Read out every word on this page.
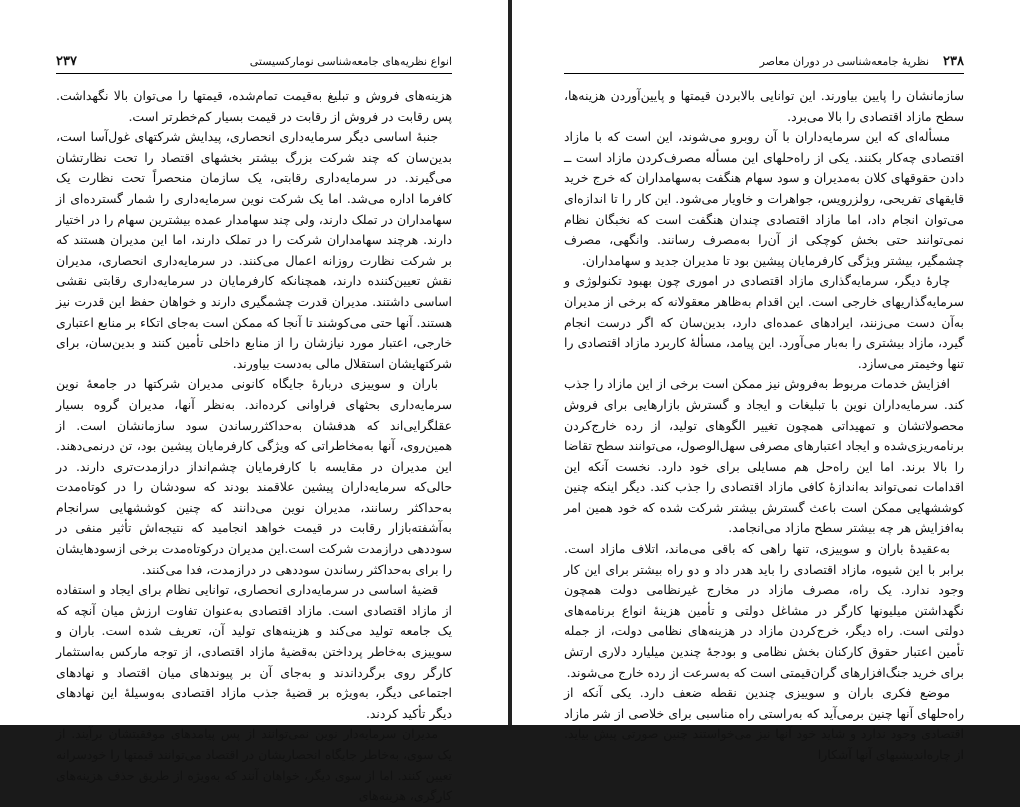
انواع نظریه‌های جامعه‌شناسی نومارکسیستی
۲۳۷

هزینه‌های فروش و تبلیغ به‌قیمت تمام‌شده، قیمتها را می‌توان بالا نگهداشت. پس رقابت در فروش از رقابت در قیمت بسیار کم‌خطرتر است.

جنبهٔ اساسی دیگر سرمایه‌داری انحصاری، پیدایش شرکتهای غول‌آسا است، بدین‌سان که چند شرکت بزرگ بیشتر بخشهای اقتصاد را تحت نظارتشان می‌گیرند. در سرمایه‌داری رقابتی، یک سازمان منحصراً تحت نظارت یک کافرما اداره می‌شد. اما یک شرکت نوین سرمایه‌داری را شمار گسترده‌ای از سهامداران در تملک دارند، ولی چند سهامدار عمده بیشترین سهام را در اختیار دارند. هرچند سهامداران شرکت را در تملک دارند، اما این مدیران هستند که بر شرکت نظارت روزانه اعمال می‌کنند. در سرمایه‌داری انحصاری، مدیران نقش تعیین‌کننده دارند، همچنانکه کارفرمایان در سرمایه‌داری رقابتی نقشی اساسی داشتند. مدیران قدرت چشمگیری دارند و خواهان حفظ این قدرت نیز هستند. آنها حتی می‌کوشند تا آنجا که ممکن است به‌جای اتکاء بر منابع اعتباری خارجی، اعتبار مورد نیازشان را از منابع داخلی تأمین کنند و بدین‌سان، برای شرکتهایشان استقلال مالی به‌دست بیاورند.

باران و سوییزی دربارهٔ جایگاه کانونی مدیران شرکتها در جامعهٔ نوین سرمایه‌داری بحثهای فراوانی کرده‌اند. به‌نظر آنها، مدیران گروه بسیار عقلگرایی‌اند که هدفشان به‌حداکثررساندن سود سازمانشان است. از همین‌روی، آنها به‌مخاطراتی که ویژگی کارفرمایان پیشین بود، تن درنمی‌دهند. این مدیران در مقایسه با کارفرمایان چشم‌انداز درازمدت‌تری دارند. در حالی‌که سرمایه‌داران پیشین علاقمند بودند که سودشان را در کوتاه‌مدت به‌حداکثر رسانند، مدیران نوین می‌دانند که چنین کوششهایی سرانجام به‌آشفته‌بازار رقابت در قیمت خواهد انجامید که نتیجه‌اش تأثیر منفی در سوددهی درازمدت شرکت است.این مدیران درکوتاه‌مدت برخی ازسودهایشان را برای به‌حداکثر رساندن سوددهی در درازمدت، فدا می‌کنند.

قضیهٔ اساسی در سرمایه‌داری انحصاری، توانایی نظام برای ایجاد و استفاده از مازاد اقتصادی است. مازاد اقتصادی به‌عنوان تفاوت ارزش میان آنچه که یک جامعه تولید می‌کند و هزینه‌های تولید آن، تعریف شده است. باران و سوییزی به‌خاطر پرداختن به‌قضیهٔ مازاد اقتصادی، از توجه مارکس به‌استثمار کارگر روی برگرداندند و به‌جای آن بر پیوندهای میان اقتصاد و نهادهای اجتماعی دیگر، به‌ویژه بر قضیهٔ جذب مازاد اقتصادی به‌وسیلهٔ این نهادهای دیگر تأکید کردند.

مدیران سرمایه‌دار نوین نمی‌توانند از پس پیامدهای موفقیتشان برآیند. از یک سوی، به‌خاطر جایگاه انحصاریشان در اقتصاد می‌توانند قیمتها را خودسرانه تعیین کنند. اما از سوی دیگر، خواهان آنند که به‌ویژه از طریق حذف هزینه‌های کارگری، هزینه‌های

۲۳۸    نظریهٔ جامعه‌شناسی در دوران معاصر

سازمانشان را پایین بیاورند. این توانایی بالابردن قیمتها و پایین‌آوردن هزینه‌ها، سطح مازاد اقتصادی را بالا می‌برد.

مسأله‌ای که این سرمایه‌داران با آن روبرو می‌شوند، این است که با مازاد اقتصادی چه‌کار بکنند. یکی از راه‌حلهای این مسأله مصرف‌کردن مازاد است ــ دادن حقوقهای کلان به‌مدیران و سود سهام هنگفت به‌سهامداران که خرج خرید قایقهای تفریحی، رولزرویس، جواهرات و خاویار می‌شود. این کار را تا اندازه‌ای می‌توان انجام داد، اما مازاد اقتصادی چندان هنگفت است که نخبگان نظام نمی‌توانند حتی بخش کوچکی از آن‌را به‌مصرف رسانند. وانگهی، مصرف چشمگیر، بیشتر ویژگی کارفرمایان پیشین بود تا مدیران جدید و سهامداران.

چارهٔ دیگر، سرمایه‌گذاری مازاد اقتصادی در اموری چون بهبود تکنولوژی و سرمایه‌گذاریهای خارجی است. این اقدام به‌ظاهر معقولانه که برخی از مدیران به‌آن دست می‌زنند، ایرادهای عمده‌ای دارد، بدین‌سان که اگر درست انجام گیرد، مازاد بیشتری را به‌بار می‌آورد. این پیامد، مسألهٔ کاربرد مازاد اقتصادی را تنها وخیمتر می‌سازد.

افزایش خدمات مربوط به‌فروش نیز ممکن است برخی از این مازاد را جذب کند. سرمایه‌داران نوین با تبلیغات و ایجاد و گسترش بازارهایی برای فروش محصولاتشان و تمهیداتی همچون تغییر الگوهای تولید، از رده خارج‌کردن برنامه‌ریزی‌شده و ایجاد اعتبارهای مصرفی سهل‌الوصول، می‌توانند سطح تقاضا را بالا برند. اما این راه‌حل هم مسایلی برای خود دارد. نخست آنکه این اقدامات نمی‌تواند به‌اندازهٔ کافی مازاد اقتصادی را جذب کند. دیگر اینکه چنین کوششهایی ممکن است باعث گسترش بیشتر شرکت شده که خود همین امر به‌افزایش هر چه بیشتر سطح مازاد می‌انجامد.

به‌عقیدهٔ باران و سوییزی، تنها راهی که باقی می‌ماند، اتلاف مازاد است. برابر با این شیوه، مازاد اقتصادی را باید هدر داد و دو راه بیشتر برای این کار وجود ندارد. یک راه، مصرف مازاد در مخارج غیرنظامی دولت همچون نگهداشتن میلیونها کارگر در مشاغل دولتی و تأمین هزینهٔ انواع برنامه‌های دولتی است. راه دیگر، خرج‌کردن مازاد در هزینه‌های نظامی دولت، از جمله تأمین اعتبار حقوق کارکنان بخش نظامی و بودجهٔ چندین میلیارد دلاری ارتش برای خرید جنگ‌افزارهای گران‌قیمتی است که به‌سرعت از رده خارج می‌شوند.

موضع فکری باران و سوییزی چندین نقطه ضعف دارد. یکی آنکه از راه‌حلهای آنها چنین برمی‌آید که به‌راستی راه مناسبی برای خلاصی از شر مازاد اقتصادی وجود ندارد و شاید خود آنها نیز می‌خواستند چنین صورتی پیش بیاید. از چاره‌اندیشیهای آنها آشکارا
